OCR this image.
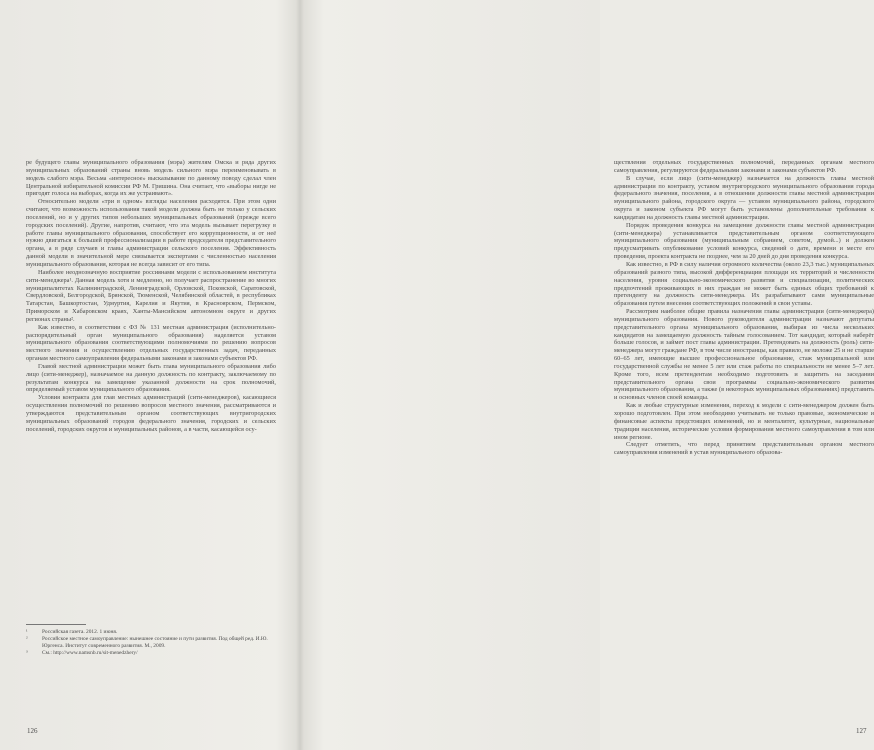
ре будущего главы муниципального образования (мэра) жителям Омска и ряда других муниципальных образований страны вновь модель сильного мэра переименовывать в модель слабого мэра. Весьма «интересное» высказывание по данному поводу сделал член Центральной избирательной комиссии РФ М. Гришина. Она считает, что «выборы нигде не пригодят голоса на выборах, когда их же устраивают».

Относительно модели «три в одном» взгляды населения расходятся. При этом одни считают, что возможность использования такой модели должна быть не только у сельских поселений, но и у других типов небольших муниципальных образований (прежде всего городских поселений). Другие, напротив, считают, что эта модель вызывает перегрузку в работе главы муниципального образования, способствует его коррупционности, и от неё нужно двигаться к большей профессионализации в работе председателя представительного органа, а в ряде случаев и главы администрации сельского поселения. Эффективность данной модели в значительной мере связывается экспертами с численностью населения муниципального образования, которая не всегда зависит от его типа.

Наиболее неоднозначную восприятие россиянами модели с использованием института сити-менеджера¹. Данная модель хотя и медленно, но получает распространение во многих муниципалитетах Калининградской, Ленинградской, Орловской, Псковской, Саратовской, Свердловской, Белгородской, Брянской, Тюменской, Челябинской областей, в республиках Татарстан, Башкортостан, Удмуртия, Карелия и Якутия, в Красноярском, Пермском, Приморском и Хабаровском краях, Ханты-Мансийском автономном округе и других регионах страны².

Как известно, в соответствии с ФЗ № 131 местная администрация (исполнительно-распорядительный орган муниципального образования) наделяется уставом муниципального образования соответствующими полномочиями по решению вопросов местного значения и осуществлению отдельных государственных задач, переданных органам местного самоуправления федеральными законами и законами субъектов РФ.

Главой местной администрации может быть глава муниципального образования либо лицо (сити-менеджер), назначаемое на данную должность по контракту, заключаемому по результатам конкурса на замещение указанной должности на срок полномочий, определяемый уставом муниципального образования.

Условия контракта для глав местных администраций (сити-менеджеров), касающиеся осуществления полномочий по решению вопросов местного значения, рассматриваются и утверждаются представительным органом соответствующих внутригородских муниципальных образований городов федерального значения, городских и сельских поселений, городских округов и муниципальных районов, а в части, касающейся осу-

¹	Российская газета. 2012. 1 июня.
²	Российское местное самоуправление: нынешнее состояние и пути развития. Под общей ред. И.Ю. Юргенса. Институт современного развития. М., 2009.
³	См.: http://www.namsnb.ru/sit-menedzhery/
126

ществления отдельных государственных полномочий, переданных органам местного самоуправления, регулируются федеральными законами и законами субъектов РФ.

В случае, если лицо (сити-менеджер) назначается на должность главы местной администрации по контракту, уставом внутригородского муниципального образования города федерального значения, поселения, а в отношении должности главы местной администрации муниципального района, городского округа — уставом муниципального района, городского округа и законом субъекта РФ могут быть установлены дополнительные требования к кандидатам на должность главы местной администрации.

Порядок проведения конкурса на замещение должности главы местной администрации (сити-менеджера) устанавливается представительным органом соответствующего муниципального образования (муниципальным собранием, советом, думой...) и должен предусматривать опубликование условий конкурса, сведений о дате, времени и месте его проведения, проекта контракта не позднее, чем за 20 дней до дня проведения конкурса.

Как известно, в РФ в силу наличия огромного количества (около 23,3 тыс.) муниципальных образований разного типа, высокой дифференциации площади их территорий и численности населения, уровня социально-экономического развития и специализации, политических предпочтений проживающих в них граждан не может быть единых общих требований к претенденту на должность сити-менеджера. Их разрабатывают сами муниципальные образования путем внесения соответствующих положений в свои уставы.

Рассмотрим наиболее общие правила назначения главы администрации (сити-менеджера) муниципального образования. Нового руководителя администрации назначают депутаты представительного органа муниципального образования, выбирая из числа нескольких кандидатов на замещаемую должность тайным голосованием. Тот кандидат, который наберёт больше голосов, и займет пост главы администрации. Претендовать на должность (роль) сити-менеджера могут граждане РФ, в том числе иностранцы, как правило, не моложе 25 и не старше 60–65 лет, имеющие высшее профессиональное образование, стаж муниципальной или государственной службы не менее 5 лет или стаж работы по специальности не менее 5–7 лет. Кроме того, всем претендентам необходимо подготовить и защитить на заседании представительного органа свои программы социально-экономического развития муниципального образования, а также (в некоторых муниципальных образованиях) представить и основных членов своей команды.

Как и любые структурные изменения, переход к модели с сити-менеджером должен быть хорошо подготовлен. При этом необходимо учитывать не только правовые, экономические и финансовые аспекты предстоящих изменений, но и менталитет, культурные, национальные традиции населения, исторические условия формирования местного самоуправления в том или ином регионе.

Следует отметить, что перед принятием представительным органом местного самоуправления изменений в устав муниципального образова-

127
